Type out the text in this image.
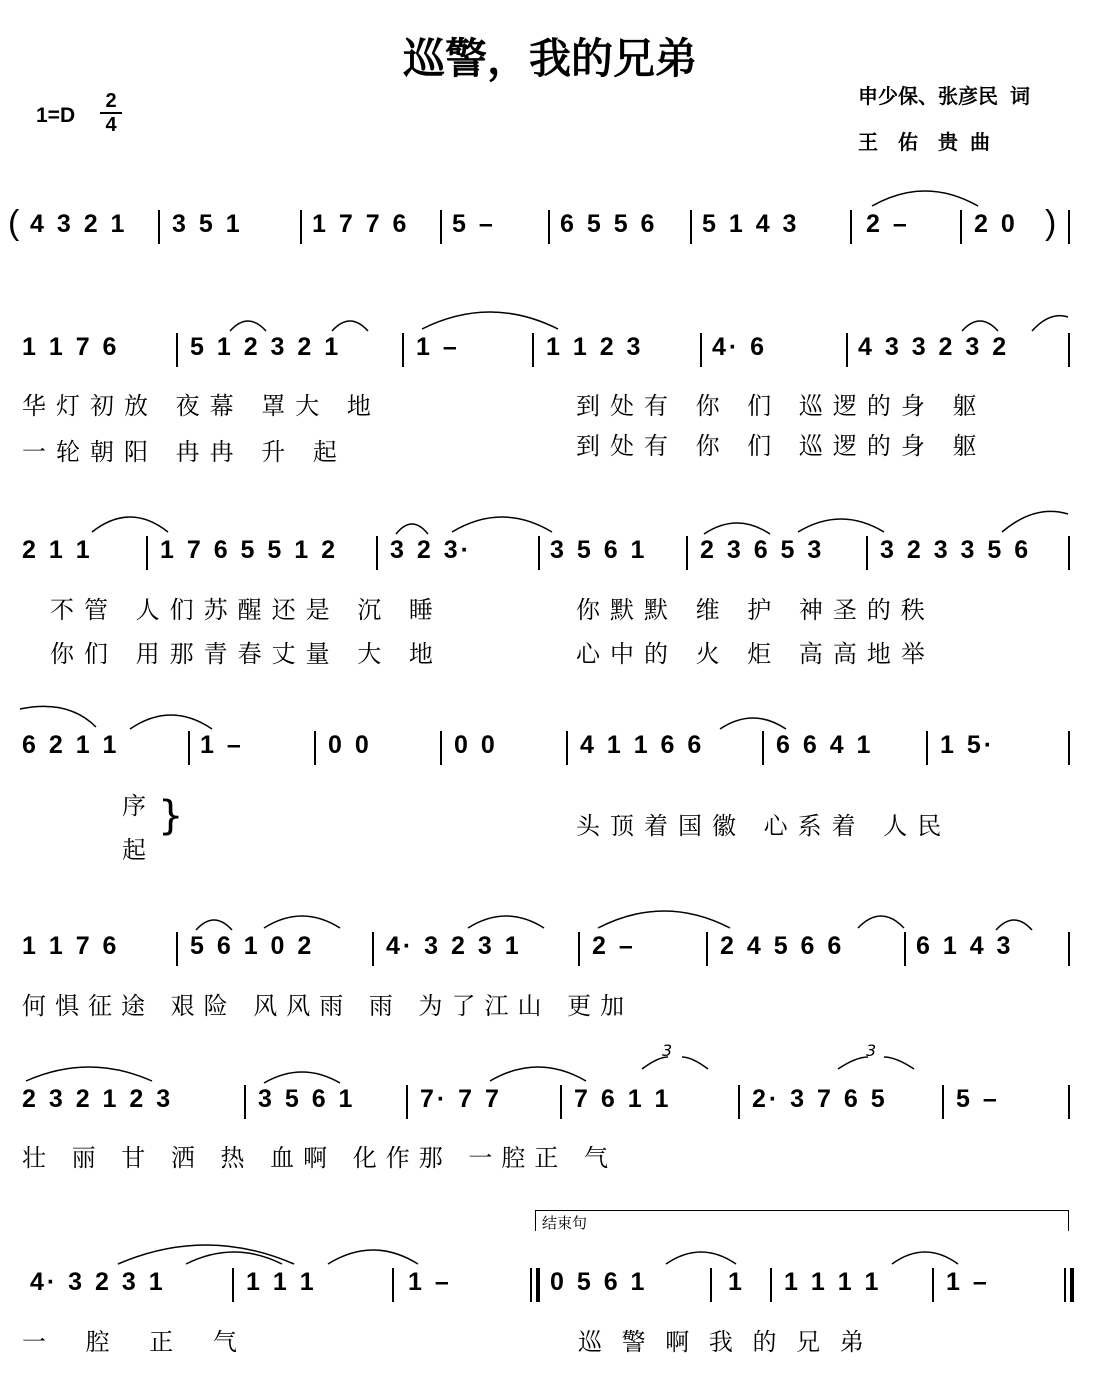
巡警，我的兄弟
申少保、张彦民 词
王　佑　贵 曲
1=D
2
4
( 4 3 2 1 3 5 1	1 7 7 6 5 –	6 5 5 6 5 1 4 3	2 –	2 0 )
1 1 7 6	5 1 2 3 2 1	1 –	1 1 2 3	4· 6	4 3 3 2 3 2
华灯初放 夜幕 罩大 地	到处有 你 们 巡逻的身 躯
一轮朝阳 冉冉 升 起	到处有 你 们 巡逻的身 躯
2 1 1	1 7 6 5 5 1 2 3 2 3·	3 5 6 1 2 3 6 5 3 3 2 3 3 5 6
不管 人们苏醒还是 沉 睡	你默默 维 护 神圣的秩
你们 用那青春丈量 大 地	心中的 火 炬 高高地举
6 2 1 1	1 –	0 0	0 0	4 1 1 6 6	6 6 4 1	1 5·
序
起
}	头顶着国徽 心系着 人民
1 1 7 6	5 6 1 0 2	4· 3 2 3 1	2 –	2 4 5 6 6	6 1 4 3
何惧征途 艰险 风风雨 雨 为了江山 更加
2 3 2 1 2 3	3 5 6 1	7· 7 7	7 6 1 1	2· 3 7 6 5	5 –
3	3
壮 丽 甘 洒 热 血啊 化作那 一腔正 气
结束句
4· 3 2 3 1	1 1 1	1 –	0 5 6 1	1 1 1 1 1	1 –
一 腔 正 气	巡 警 啊 我 的 兄 弟
